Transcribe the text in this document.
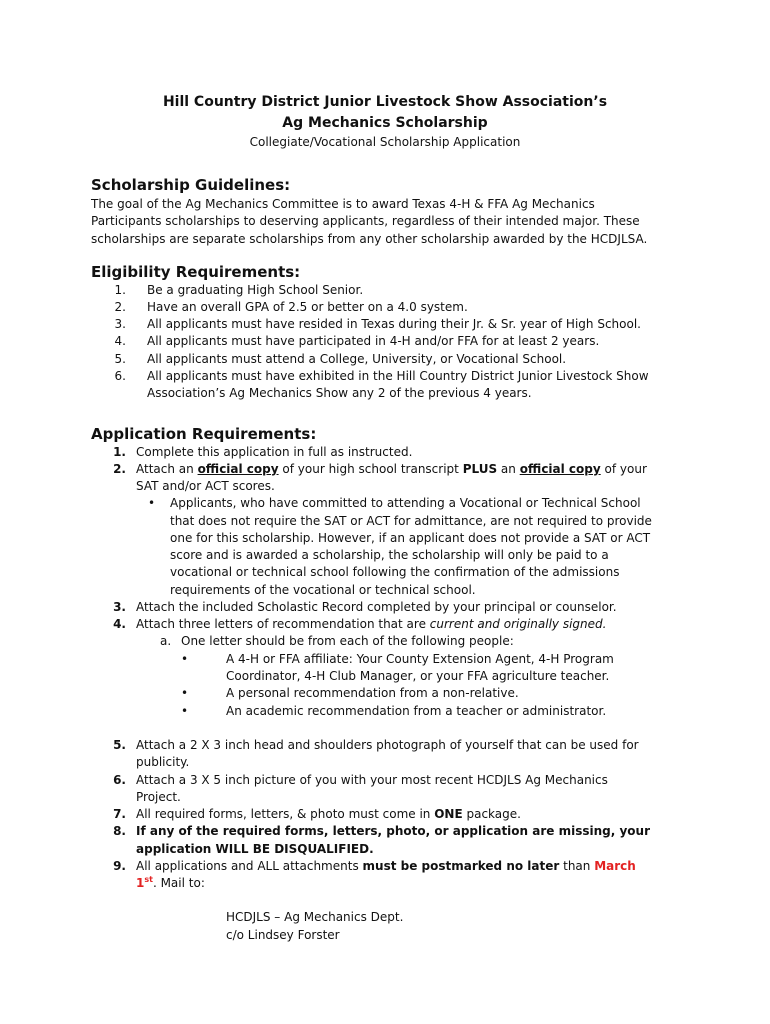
Hill Country District Junior Livestock Show Association’s
Ag Mechanics Scholarship
Collegiate/Vocational Scholarship Application
Scholarship Guidelines:
The goal of the Ag Mechanics Committee is to award Texas 4-H & FFA Ag Mechanics
Participants scholarships to deserving applicants, regardless of their intended major. These
scholarships are separate scholarships from any other scholarship awarded by the HCDJLSA.
Eligibility Requirements:
1. Be a graduating High School Senior.
2. Have an overall GPA of 2.5 or better on a 4.0 system.
3. All applicants must have resided in Texas during their Jr. & Sr. year of High School.
4. All applicants must have participated in 4-H and/or FFA for at least 2 years.
5. All applicants must attend a College, University, or Vocational School.
6. All applicants must have exhibited in the Hill Country District Junior Livestock Show
Association’s Ag Mechanics Show any 2 of the previous 4 years.
Application Requirements:
1. Complete this application in full as instructed.
2. Attach an official copy of your high school transcript PLUS an official copy of your
SAT and/or ACT scores.
• Applicants, who have committed to attending a Vocational or Technical School
that does not require the SAT or ACT for admittance, are not required to provide
one for this scholarship. However, if an applicant does not provide a SAT or ACT
score and is awarded a scholarship, the scholarship will only be paid to a
vocational or technical school following the confirmation of the admissions
requirements of the vocational or technical school.
3. Attach the included Scholastic Record completed by your principal or counselor.
4. Attach three letters of recommendation that are current and originally signed.
a. One letter should be from each of the following people:
•	A 4-H or FFA affiliate: Your County Extension Agent, 4-H Program
Coordinator, 4-H Club Manager, or your FFA agriculture teacher.
•	A personal recommendation from a non-relative.
•	An academic recommendation from a teacher or administrator.
5. Attach a 2 X 3 inch head and shoulders photograph of yourself that can be used for
publicity.
6. Attach a 3 X 5 inch picture of you with your most recent HCDJLS Ag Mechanics
Project.
7. All required forms, letters, & photo must come in ONE package.
8. If any of the required forms, letters, photo, or application are missing, your
application WILL BE DISQUALIFIED.
9. All applications and ALL attachments must be postmarked no later than March
1st. Mail to:
HCDJLS – Ag Mechanics Dept.
c/o Lindsey Forster
